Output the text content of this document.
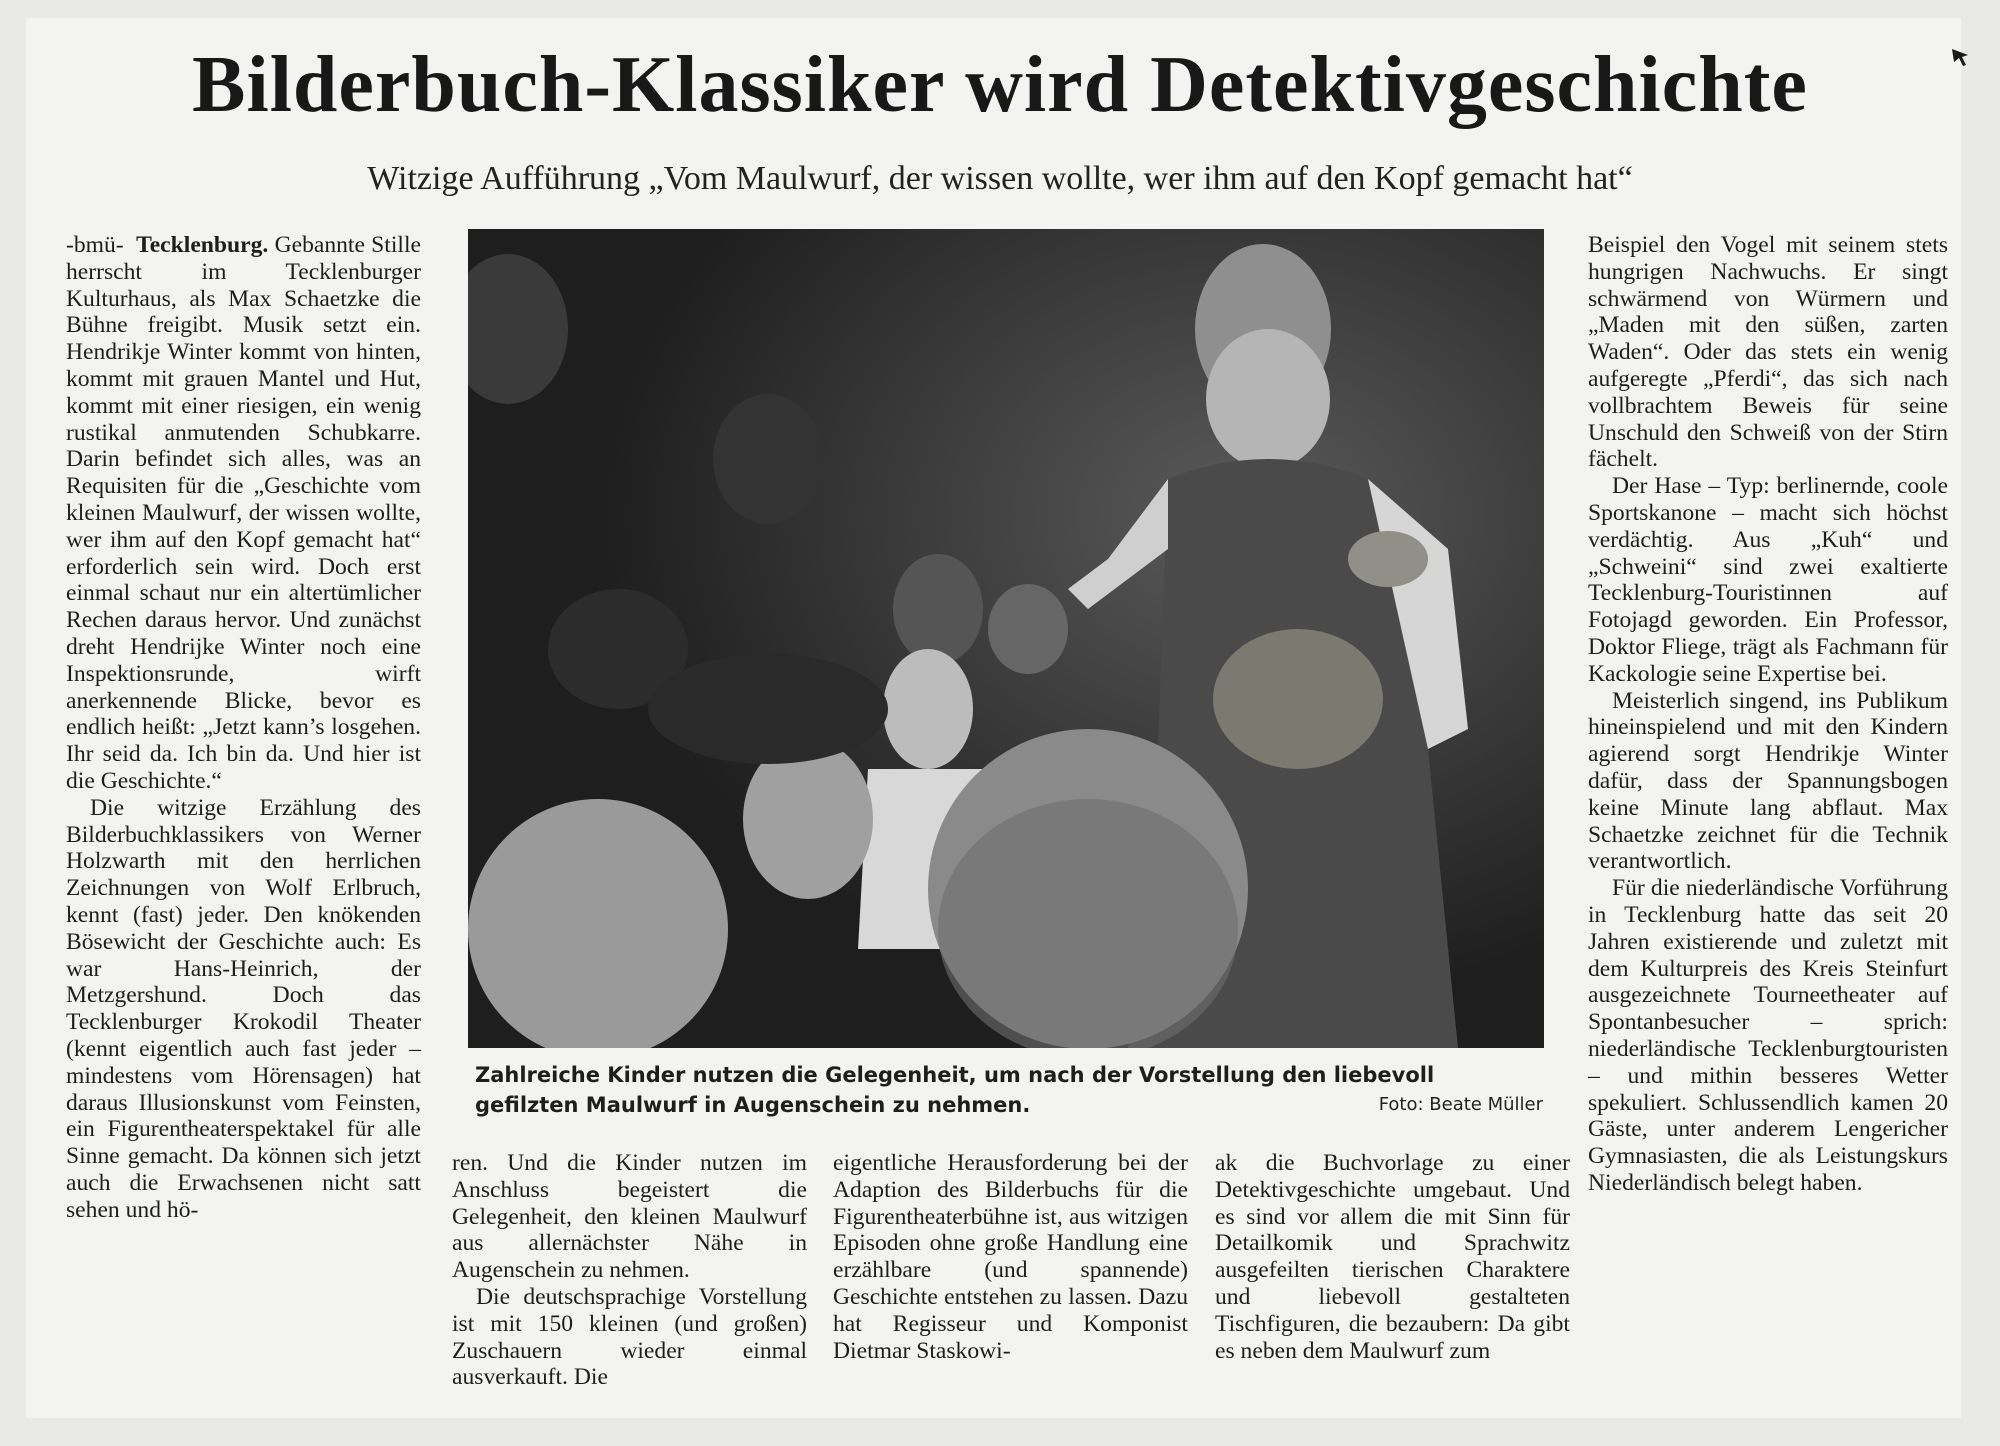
Bilderbuch-Klassiker wird Detektivgeschichte
Witzige Aufführung „Vom Maulwurf, der wissen wollte, wer ihm auf den Kopf gemacht hat“

-bmü- Tecklenburg. Gebannte Stille herrscht im Tecklenburger Kulturhaus, als Max Schaetzke die Bühne freigibt. Musik setzt ein. Hendrikje Winter kommt von hinten, kommt mit grauen Mantel und Hut, kommt mit einer riesigen, ein wenig rustikal anmutenden Schubkarre. Darin befindet sich alles, was an Requisiten für die „Geschichte vom kleinen Maulwurf, der wissen wollte, wer ihm auf den Kopf gemacht hat“ erforderlich sein wird. Doch erst einmal schaut nur ein altertümlicher Rechen daraus hervor. Und zunächst dreht Hendrijke Winter noch eine Inspektionsrunde, wirft anerkennende Blicke, bevor es endlich heißt: „Jetzt kann’s losgehen. Ihr seid da. Ich bin da. Und hier ist die Geschichte.“

Die witzige Erzählung des Bilderbuchklassikers von Werner Holzwarth mit den herrlichen Zeichnungen von Wolf Erlbruch, kennt (fast) jeder. Den knökenden Bösewicht der Geschichte auch: Es war Hans-Heinrich, der Metzgershund. Doch das Tecklenburger Krokodil Theater (kennt eigentlich auch fast jeder – mindestens vom Hörensagen) hat daraus Illusionskunst vom Feinsten, ein Figurentheaterspektakel für alle Sinne gemacht. Da können sich jetzt auch die Erwachsenen nicht satt sehen und hö-

Zahlreiche Kinder nutzen die Gelegenheit, um nach der Vorstellung den liebevoll gefilzten Maulwurf in Augenschein zu nehmen.	Foto: Beate Müller

ren. Und die Kinder nutzen im Anschluss begeistert die Gelegenheit, den kleinen Maulwurf aus allernächster Nähe in Augenschein zu nehmen.

Die deutschsprachige Vorstellung ist mit 150 kleinen (und großen) Zuschauern wieder einmal ausverkauft. Die

eigentliche Herausforderung bei der Adaption des Bilderbuchs für die Figurentheaterbühne ist, aus witzigen Episoden ohne große Handlung eine erzählbare (und spannende) Geschichte entstehen zu lassen. Dazu hat Regisseur und Komponist Dietmar Staskowi-

ak die Buchvorlage zu einer Detektivgeschichte umgebaut. Und es sind vor allem die mit Sinn für Detailkomik und Sprachwitz ausgefeilten tierischen Charaktere und liebevoll gestalteten Tischfiguren, die bezaubern: Da gibt es neben dem Maulwurf zum

Beispiel den Vogel mit seinem stets hungrigen Nachwuchs. Er singt schwärmend von Würmern und „Maden mit den süßen, zarten Waden“. Oder das stets ein wenig aufgeregte „Pferdi“, das sich nach vollbrachtem Beweis für seine Unschuld den Schweiß von der Stirn fächelt.

Der Hase – Typ: berlinernde, coole Sportskanone – macht sich höchst verdächtig. Aus „Kuh“ und „Schweini“ sind zwei exaltierte Tecklenburg-Touristinnen auf Fotojagd geworden. Ein Professor, Doktor Fliege, trägt als Fachmann für Kackologie seine Expertise bei.

Meisterlich singend, ins Publikum hineinspielend und mit den Kindern agierend sorgt Hendrikje Winter dafür, dass der Spannungsbogen keine Minute lang abflaut. Max Schaetzke zeichnet für die Technik verantwortlich.

Für die niederländische Vorführung in Tecklenburg hatte das seit 20 Jahren existierende und zuletzt mit dem Kulturpreis des Kreis Steinfurt ausgezeichnete Tourneetheater auf Spontanbesucher – sprich: niederländische Tecklenburgtouristen – und mithin besseres Wetter spekuliert. Schlussendlich kamen 20 Gäste, unter anderem Lengericher Gymnasiasten, die als Leistungskurs Niederländisch belegt haben.
